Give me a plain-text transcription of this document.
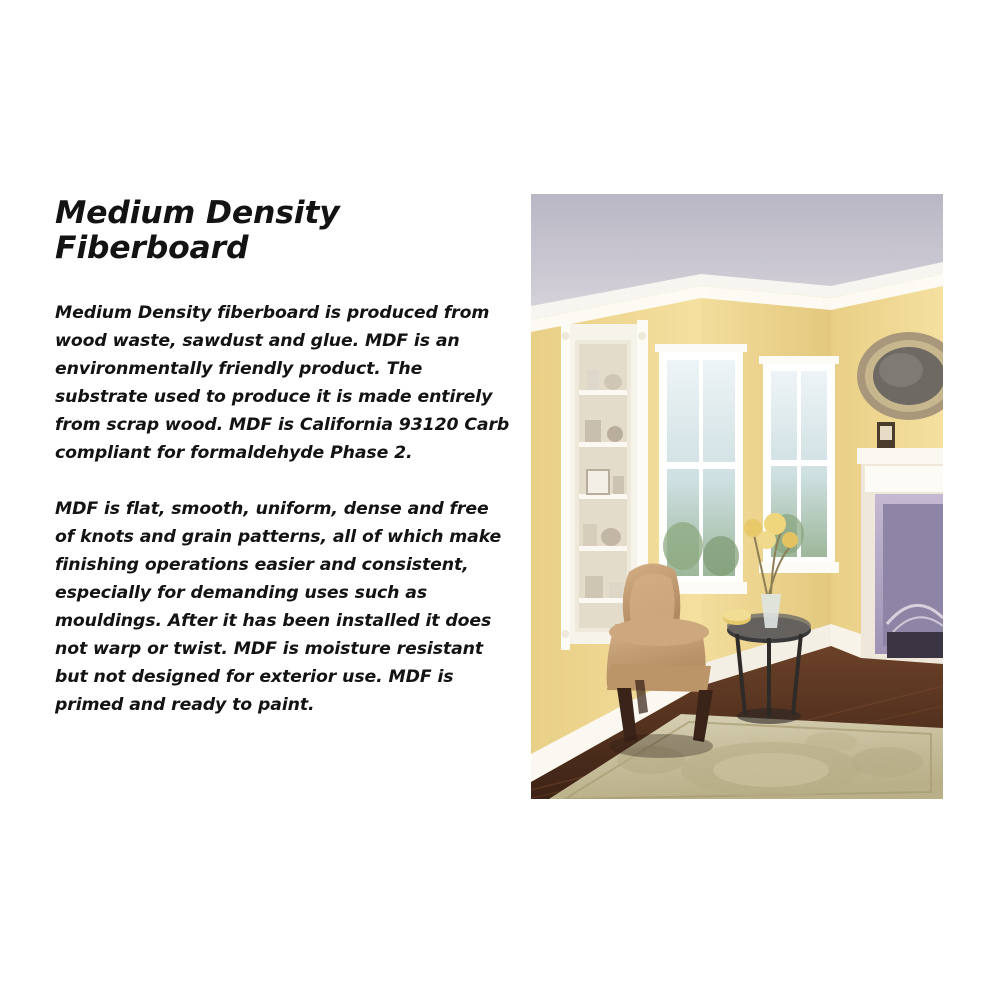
Medium Density Fiberboard

Medium Density fiberboard is produced from wood waste, sawdust and glue. MDF is an environmentally friendly product. The substrate used to produce it is made entirely from scrap wood. MDF is California 93120 Carb compliant for formaldehyde Phase 2.

MDF is flat, smooth, uniform, dense and free of knots and grain patterns, all of which make finishing operations easier and consistent, especially for demanding uses such as mouldings. After it has been installed it does not warp or twist. MDF is moisture resistant but not designed for exterior use. MDF is primed and ready to paint.
